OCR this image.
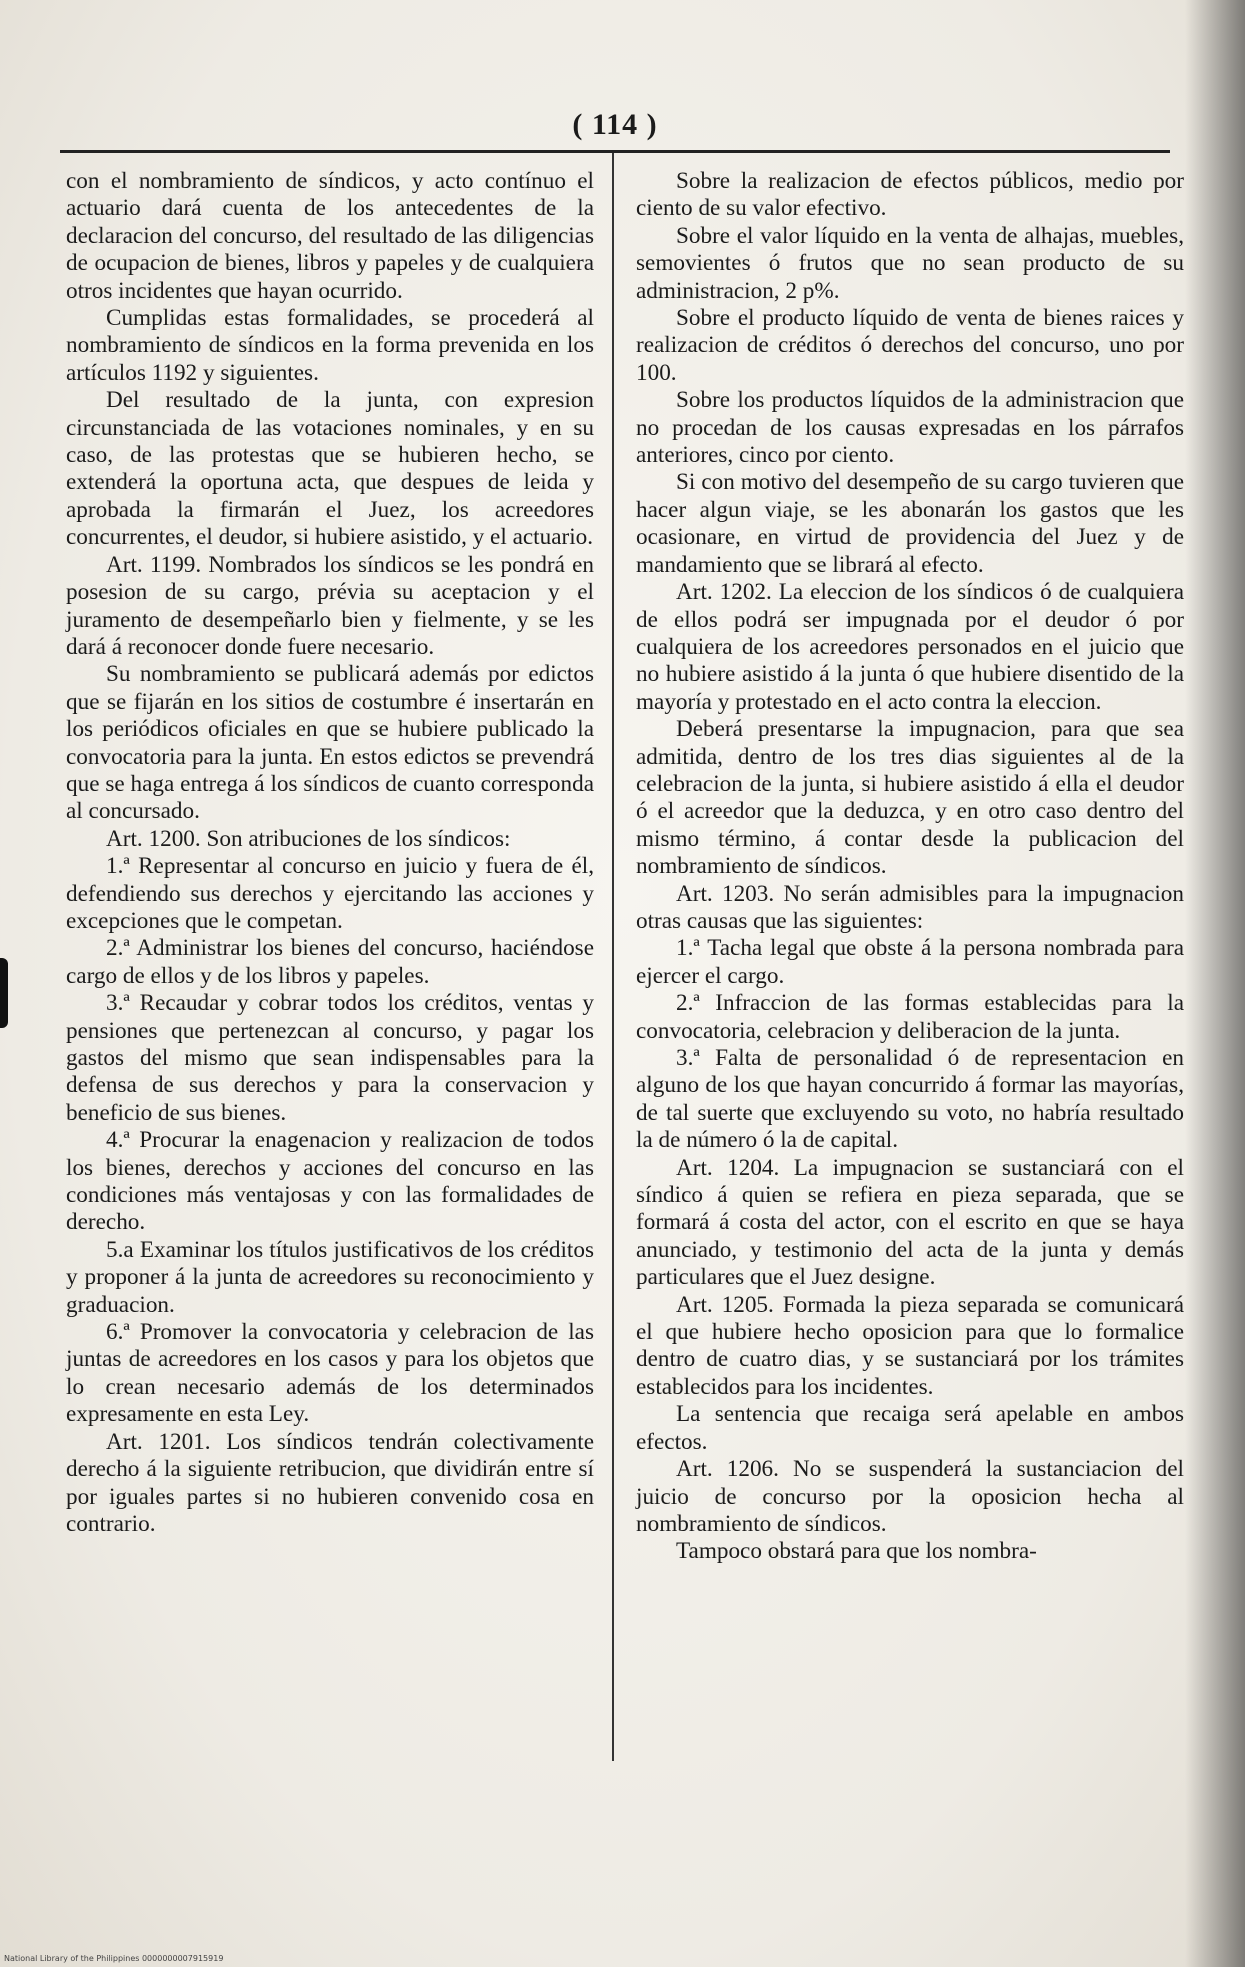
( 114 )

con el nombramiento de síndicos, y acto contínuo el actuario dará cuenta de los antecedentes de la declaracion del concurso, del resultado de las diligencias de ocupacion de bienes, libros y papeles y de cualquiera otros incidentes que hayan ocurrido.

Cumplidas estas formalidades, se procederá al nombramiento de síndicos en la forma prevenida en los artículos 1192 y siguientes.

Del resultado de la junta, con expresion circunstanciada de las votaciones nominales, y en su caso, de las protestas que se hubieren hecho, se extenderá la oportuna acta, que despues de leida y aprobada la firmarán el Juez, los acreedores concurrentes, el deudor, si hubiere asistido, y el actuario.

Art. 1199. Nombrados los síndicos se les pondrá en posesion de su cargo, prévia su aceptacion y el juramento de desempeñarlo bien y fielmente, y se les dará á reconocer donde fuere necesario.

Su nombramiento se publicará además por edictos que se fijarán en los sitios de costumbre é insertarán en los periódicos oficiales en que se hubiere publicado la convocatoria para la junta. En estos edictos se prevendrá que se haga entrega á los síndicos de cuanto corresponda al concursado.

Art. 1200. Son atribuciones de los síndicos:

1.ª Representar al concurso en juicio y fuera de él, defendiendo sus derechos y ejercitando las acciones y excepciones que le competan.

2.ª Administrar los bienes del concurso, haciéndose cargo de ellos y de los libros y papeles.

3.ª Recaudar y cobrar todos los créditos, ventas y pensiones que pertenezcan al concurso, y pagar los gastos del mismo que sean indispensables para la defensa de sus derechos y para la conservacion y beneficio de sus bienes.

4.ª Procurar la enagenacion y realizacion de todos los bienes, derechos y acciones del concurso en las condiciones más ventajosas y con las formalidades de derecho.

5.a Examinar los títulos justificativos de los créditos y proponer á la junta de acreedores su reconocimiento y graduacion.

6.ª Promover la convocatoria y celebracion de las juntas de acreedores en los casos y para los objetos que lo crean necesario además de los determinados expresamente en esta Ley.

Art. 1201. Los síndicos tendrán colectivamente derecho á la siguiente retribucion, que dividirán entre sí por iguales partes si no hubieren convenido cosa en contrario.

Sobre la realizacion de efectos públicos, medio por ciento de su valor efectivo.

Sobre el valor líquido en la venta de alhajas, muebles, semovientes ó frutos que no sean producto de su administracion, 2 p%.

Sobre el producto líquido de venta de bienes raices y realizacion de créditos ó derechos del concurso, uno por 100.

Sobre los productos líquidos de la administracion que no procedan de los causas expresadas en los párrafos anteriores, cinco por ciento.

Si con motivo del desempeño de su cargo tuvieren que hacer algun viaje, se les abonarán los gastos que les ocasionare, en virtud de providencia del Juez y de mandamiento que se librará al efecto.

Art. 1202. La eleccion de los síndicos ó de cualquiera de ellos podrá ser impugnada por el deudor ó por cualquiera de los acreedores personados en el juicio que no hubiere asistido á la junta ó que hubiere disentido de la mayoría y protestado en el acto contra la eleccion.

Deberá presentarse la impugnacion, para que sea admitida, dentro de los tres dias siguientes al de la celebracion de la junta, si hubiere asistido á ella el deudor ó el acreedor que la deduzca, y en otro caso dentro del mismo término, á contar desde la publicacion del nombramiento de síndicos.

Art. 1203. No serán admisibles para la impugnacion otras causas que las siguientes:

1.ª Tacha legal que obste á la persona nombrada para ejercer el cargo.

2.ª Infraccion de las formas establecidas para la convocatoria, celebracion y deliberacion de la junta.

3.ª Falta de personalidad ó de representacion en alguno de los que hayan concurrido á formar las mayorías, de tal suerte que excluyendo su voto, no habría resultado la de número ó la de capital.

Art. 1204. La impugnacion se sustanciará con el síndico á quien se refiera en pieza separada, que se formará á costa del actor, con el escrito en que se haya anunciado, y testimonio del acta de la junta y demás particulares que el Juez designe.

Art. 1205. Formada la pieza separada se comunicará el que hubiere hecho oposicion para que lo formalice dentro de cuatro dias, y se sustanciará por los trámites establecidos para los incidentes.

La sentencia que recaiga será apelable en ambos efectos.

Art. 1206. No se suspenderá la sustanciacion del juicio de concurso por la oposicion hecha al nombramiento de síndicos.

Tampoco obstará para que los nombra-

National Library of the Philippines 0000000007915919
